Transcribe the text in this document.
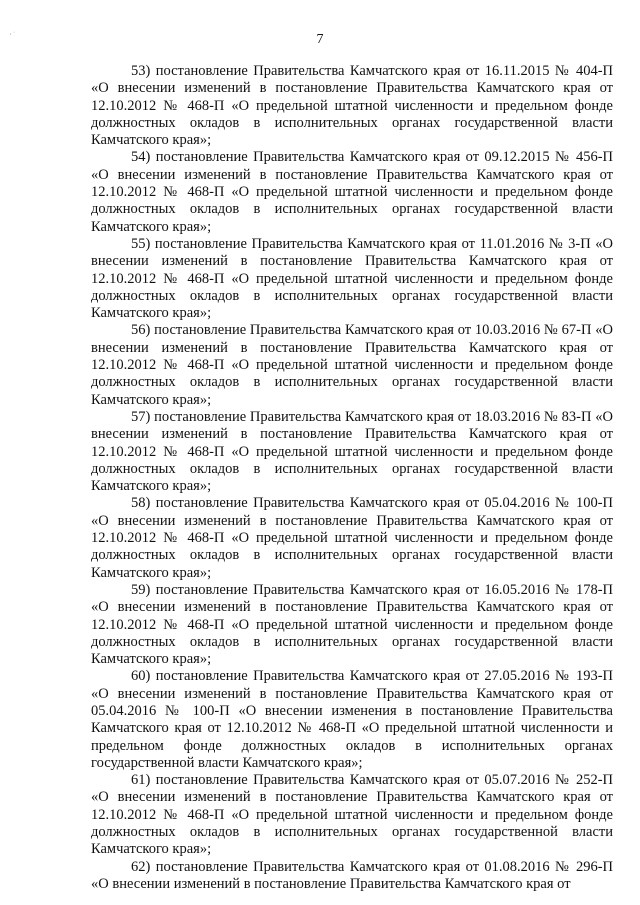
, ·	7

53) постановление Правительства Камчатского края от 16.11.2015 № 404-П «О внесении изменений в постановление Правительства Камчатского края от 12.10.2012 № 468-П «О предельной штатной численности и предельном фонде должностных окладов в исполнительных органах государственной власти Камчатского края»;

54) постановление Правительства Камчатского края от 09.12.2015 № 456-П «О внесении изменений в постановление Правительства Камчатского края от 12.10.2012 № 468-П «О предельной штатной численности и предельном фонде должностных окладов в исполнительных органах государственной власти Камчатского края»;

55) постановление Правительства Камчатского края от 11.01.2016 № 3-П «О внесении изменений в постановление Правительства Камчатского края от 12.10.2012 № 468-П «О предельной штатной численности и предельном фонде должностных окладов в исполнительных органах государственной власти Камчатского края»;

56) постановление Правительства Камчатского края от 10.03.2016 № 67-П «О внесении изменений в постановление Правительства Камчатского края от 12.10.2012 № 468-П «О предельной штатной численности и предельном фонде должностных окладов в исполнительных органах государственной власти Камчатского края»;

57) постановление Правительства Камчатского края от 18.03.2016 № 83-П «О внесении изменений в постановление Правительства Камчатского края от 12.10.2012 № 468-П «О предельной штатной численности и предельном фонде должностных окладов в исполнительных органах государственной власти Камчатского края»;

58) постановление Правительства Камчатского края от 05.04.2016 № 100-П «О внесении изменений в постановление Правительства Камчатского края от 12.10.2012 № 468-П «О предельной штатной численности и предельном фонде должностных окладов в исполнительных органах государственной власти Камчатского края»;

59) постановление Правительства Камчатского края от 16.05.2016 № 178-П «О внесении изменений в постановление Правительства Камчатского края от 12.10.2012 № 468-П «О предельной штатной численности и предельном фонде должностных окладов в исполнительных органах государственной власти Камчатского края»;

60) постановление Правительства Камчатского края от 27.05.2016 № 193-П «О внесении изменений в постановление Правительства Камчатского края от 05.04.2016 № 100-П «О внесении изменения в постановление Правительства Камчатского края от 12.10.2012 № 468-П «О предельной штатной численности и предельном фонде должностных окладов в исполнительных органах государственной власти Камчатского края»;

61) постановление Правительства Камчатского края от 05.07.2016 № 252-П «О внесении изменений в постановление Правительства Камчатского края от 12.10.2012 № 468-П «О предельной штатной численности и предельном фонде должностных окладов в исполнительных органах государственной власти Камчатского края»;

62) постановление Правительства Камчатского края от 01.08.2016 № 296-П «О внесении изменений в постановление Правительства Камчатского края от
